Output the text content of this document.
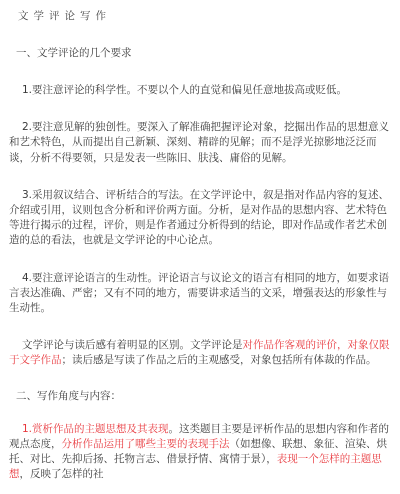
文学评论写作
一、文学评论的几个要求

1.要注意评论的科学性。不要以个人的直觉和偏见任意地拔高或贬低。

2.要注意见解的独创性。要深入了解准确把握评论对象，挖掘出作品的思想意义和艺术特色，从而提出自己新颖、深刻、精辟的见解；而不是浮光掠影地泛泛而谈，分析不得要领，只是发表一些陈旧、肤浅、庸俗的见解。

3.采用叙议结合、评析结合的写法。在文学评论中，叙是指对作品内容的复述、介绍或引用，议则包含分析和评价两方面。分析，是对作品的思想内容、艺术特色等进行揭示的过程，评价，则是作者通过分析得到的结论，即对作品或作者艺术创造的总的看法，也就是文学评论的中心论点。

4.要注意评论语言的生动性。评论语言与议论文的语言有相同的地方，如要求语言表达准确、严密；又有不同的地方，需要讲求适当的文采，增强表达的形象性与生动性。

文学评论与读后感有着明显的区别。文学评论是对作品作客观的评价，对象仅限于文学作品；读后感是写读了作品之后的主观感受，对象包括所有体裁的作品。

二、写作角度与内容：

1.赏析作品的主题思想及其表现。这类题目主要是评析作品的思想内容和作者的观点态度，分析作品运用了哪些主要的表现手法（如想像、联想、象征、渲染、烘托、对比、先抑后扬、托物言志、借景抒情、寓情于景），表现一个怎样的主题思想，反映了怎样的社
